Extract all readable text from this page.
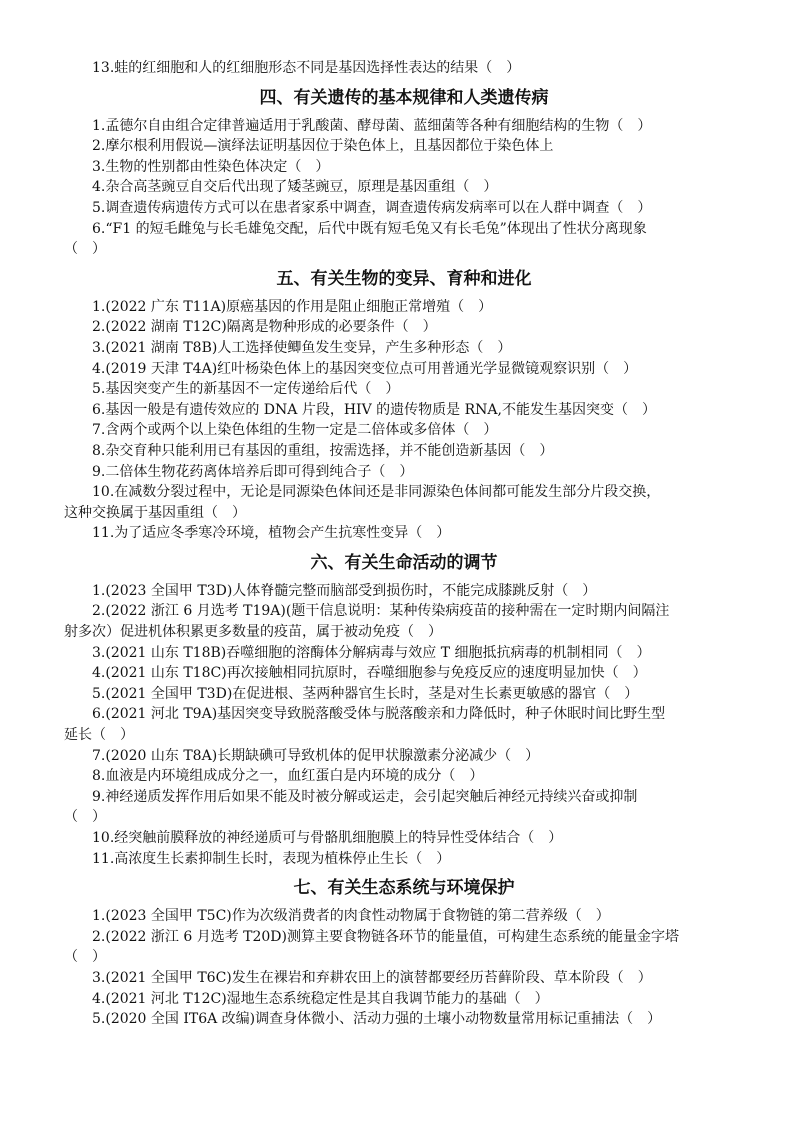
13.蛙的红细胞和人的红细胞形态不同是基因选择性表达的结果（　）

四、有关遗传的基本规律和人类遗传病

1.孟德尔自由组合定律普遍适用于乳酸菌、酵母菌、蓝细菌等各种有细胞结构的生物（　）

2.摩尔根利用假说—演绎法证明基因位于染色体上，且基因都位于染色体上

3.生物的性别都由性染色体决定（　）

4.杂合高茎豌豆自交后代出现了矮茎豌豆，原理是基因重组（　）

5.调查遗传病遗传方式可以在患者家系中调查，调查遗传病发病率可以在人群中调查（　）

6.“F1 的短毛雌兔与长毛雄兔交配，后代中既有短毛兔又有长毛兔”体现出了性状分离现象

（　）

五、有关生物的变异、育种和进化

1.(2022 广东 T11A)原癌基因的作用是阻止细胞正常增殖（　）

2.(2022 湖南 T12C)隔离是物种形成的必要条件（　）

3.(2021 湖南 T8B)人工选择使鲫鱼发生变异，产生多种形态（　）

4.(2019 天津 T4A)红叶杨染色体上的基因突变位点可用普通光学显微镜观察识别（　）

5.基因突变产生的新基因不一定传递给后代（　）

6.基因一般是有遗传效应的 DNA 片段，HIV 的遗传物质是 RNA,不能发生基因突变（　）

7.含两个或两个以上染色体组的生物一定是二倍体或多倍体（　）

8.杂交育种只能利用已有基因的重组，按需选择，并不能创造新基因（　）

9.二倍体生物花药离体培养后即可得到纯合子（　）

10.在减数分裂过程中，无论是同源染色体间还是非同源染色体间都可能发生部分片段交换，

这种交换属于基因重组（　）

11.为了适应冬季寒冷环境，植物会产生抗寒性变异（　）

六、有关生命活动的调节

1.(2023 全国甲 T3D)人体脊髓完整而脑部受到损伤时，不能完成膝跳反射（　）

2.(2022 浙江 6 月选考 T19A)(题干信息说明：某种传染病疫苗的接种需在一定时期内间隔注

射多次）促进机体积累更多数量的疫苗，属于被动免疫（　）

3.(2021 山东 T18B)吞噬细胞的溶酶体分解病毒与效应 T 细胞抵抗病毒的机制相同（　）

4.(2021 山东 T18C)再次接触相同抗原时，吞噬细胞参与免疫反应的速度明显加快（　）

5.(2021 全国甲 T3D)在促进根、茎两种器官生长时，茎是对生长素更敏感的器官（　）

6.(2021 河北 T9A)基因突变导致脱落酸受体与脱落酸亲和力降低时，种子休眠时间比野生型

延长（　）

7.(2020 山东 T8A)长期缺碘可导致机体的促甲状腺激素分泌减少（　）

8.血液是内环境组成成分之一，血红蛋白是内环境的成分（　）

9.神经递质发挥作用后如果不能及时被分解或运走，会引起突触后神经元持续兴奋或抑制

（　）

10.经突触前膜释放的神经递质可与骨骼肌细胞膜上的特异性受体结合（　）

11.高浓度生长素抑制生长时，表现为植株停止生长（　）

七、有关生态系统与环境保护

1.(2023 全国甲 T5C)作为次级消费者的肉食性动物属于食物链的第二营养级（　）

2.(2022 浙江 6 月选考 T20D)测算主要食物链各环节的能量值，可构建生态系统的能量金字塔

（　）

3.(2021 全国甲 T6C)发生在裸岩和弃耕农田上的演替都要经历苔藓阶段、草本阶段（　）

4.(2021 河北 T12C)湿地生态系统稳定性是其自我调节能力的基础（　）

5.(2020 全国 IT6A 改编)调查身体微小、活动力强的土壤小动物数量常用标记重捕法（　）
